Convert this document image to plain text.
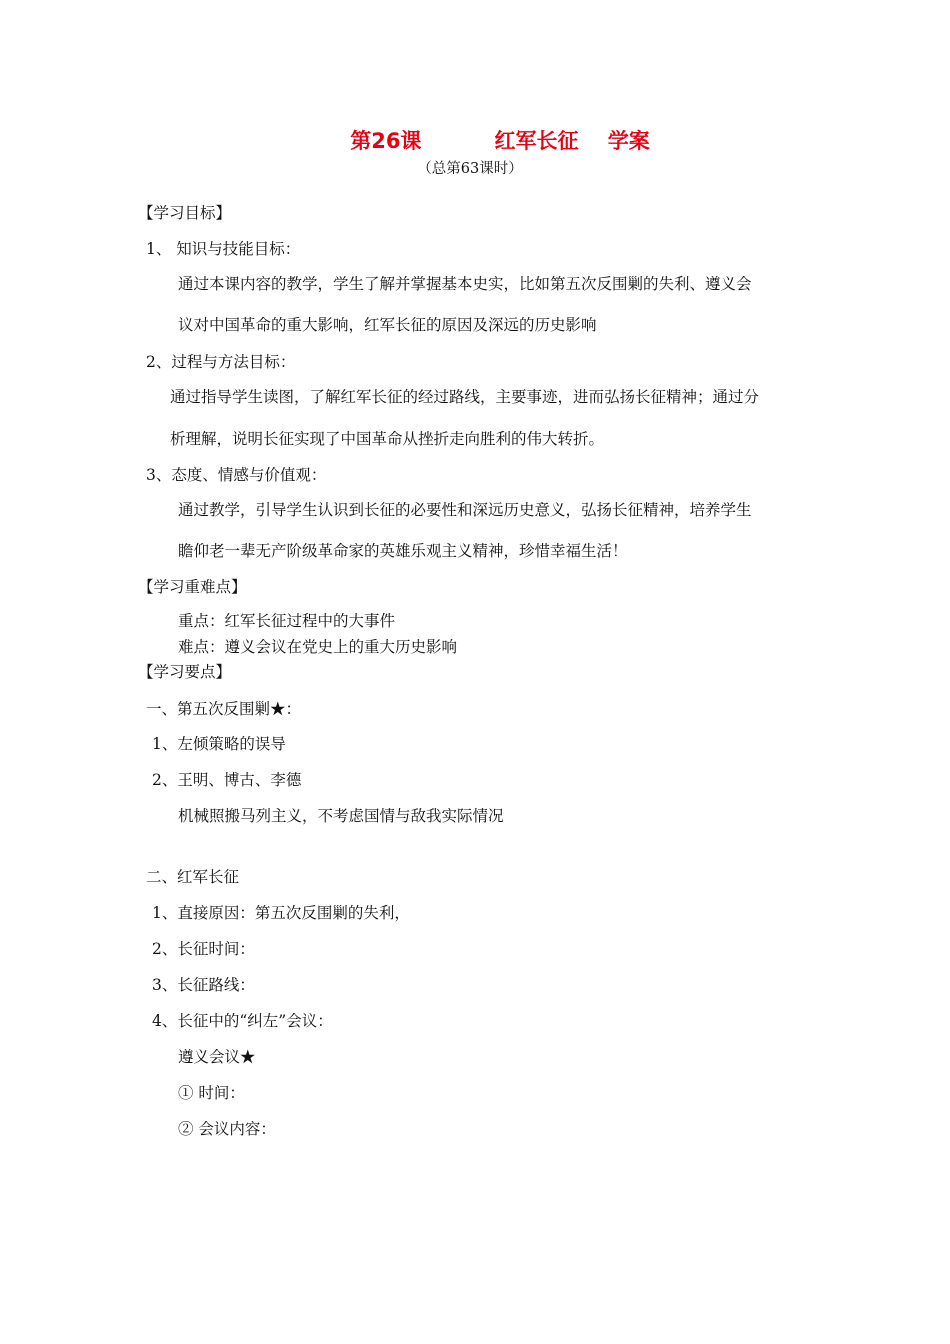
第26课          红军长征    学案
（总第63课时）
【学习目标】
1、 知识与技能目标：
通过本课内容的教学，学生了解并掌握基本史实，比如第五次反围剿的失利、遵义会
议对中国革命的重大影响，红军长征的原因及深远的历史影响
2、过程与方法目标：
通过指导学生读图，了解红军长征的经过路线，主要事迹，进而弘扬长征精神；通过分
析理解，说明长征实现了中国革命从挫折走向胜利的伟大转折。
3、态度、情感与价值观：
通过教学，引导学生认识到长征的必要性和深远历史意义，弘扬长征精神，培养学生
瞻仰老一辈无产阶级革命家的英雄乐观主义精神，珍惜幸福生活！
【学习重难点】
重点：红军长征过程中的大事件
难点：遵义会议在党史上的重大历史影响
【学习要点】
一、第五次反围剿★：
1、左倾策略的误导
2、王明、博古、李德
机械照搬马列主义，不考虑国情与敌我实际情况
二、红军长征
1、直接原因：第五次反围剿的失利，
2、长征时间：
3、长征路线：
4、长征中的“纠左”会议：
遵义会议★
① 时间：
② 会议内容：
